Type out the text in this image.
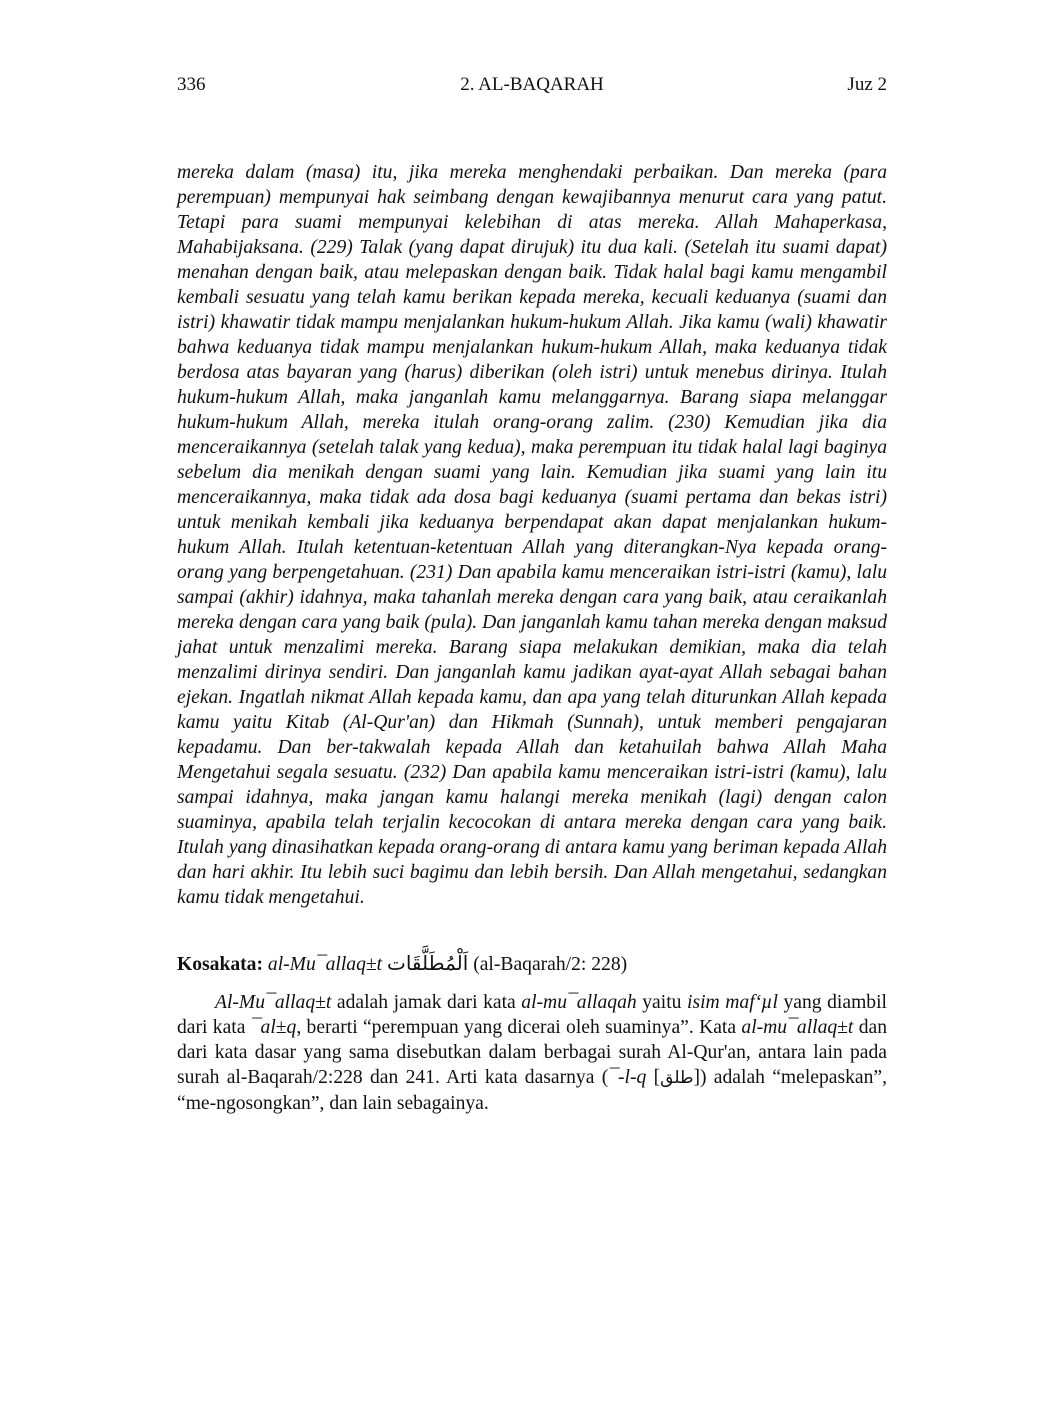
336	2. AL-BAQARAH	Juz 2

mereka dalam (masa) itu, jika mereka menghendaki perbaikan. Dan mereka (para perempuan) mempunyai hak seimbang dengan kewajibannya menurut cara yang patut. Tetapi para suami mempunyai kelebihan di atas mereka. Allah Mahaperkasa, Mahabijaksana. (229) Talak (yang dapat dirujuk) itu dua kali. (Setelah itu suami dapat) menahan dengan baik, atau melepaskan dengan baik. Tidak halal bagi kamu mengambil kembali sesuatu yang telah kamu berikan kepada mereka, kecuali keduanya (suami dan istri) khawatir tidak mampu menjalankan hukum-hukum Allah. Jika kamu (wali) khawatir bahwa keduanya tidak mampu menjalankan hukum-hukum Allah, maka keduanya tidak berdosa atas bayaran yang (harus) diberikan (oleh istri) untuk menebus dirinya. Itulah hukum-hukum Allah, maka janganlah kamu melanggarnya. Barang siapa melanggar hukum-hukum Allah, mereka itulah orang-orang zalim. (230) Kemudian jika dia menceraikannya (setelah talak yang kedua), maka perempuan itu tidak halal lagi baginya sebelum dia menikah dengan suami yang lain. Kemudian jika suami yang lain itu menceraikannya, maka tidak ada dosa bagi keduanya (suami pertama dan bekas istri) untuk menikah kembali jika keduanya berpendapat akan dapat menjalankan hukum-hukum Allah. Itulah ketentuan-ketentuan Allah yang diterangkan-Nya kepada orang-orang yang berpengetahuan. (231) Dan apabila kamu menceraikan istri-istri (kamu), lalu sampai (akhir) idahnya, maka tahanlah mereka dengan cara yang baik, atau ceraikanlah mereka dengan cara yang baik (pula). Dan janganlah kamu tahan mereka dengan maksud jahat untuk menzalimi mereka. Barang siapa melakukan demikian, maka dia telah menzalimi dirinya sendiri. Dan janganlah kamu jadikan ayat-ayat Allah sebagai bahan ejekan. Ingatlah nikmat Allah kepada kamu, dan apa yang telah diturunkan Allah kepada kamu yaitu Kitab (Al-Qur'an) dan Hikmah (Sunnah), untuk memberi pengajaran kepadamu. Dan ber-takwalah kepada Allah dan ketahuilah bahwa Allah Maha Mengetahui segala sesuatu. (232) Dan apabila kamu menceraikan istri-istri (kamu), lalu sampai idahnya, maka jangan kamu halangi mereka menikah (lagi) dengan calon suaminya, apabila telah terjalin kecocokan di antara mereka dengan cara yang baik. Itulah yang dinasihatkan kepada orang-orang di antara kamu yang beriman kepada Allah dan hari akhir. Itu lebih suci bagimu dan lebih bersih. Dan Allah mengetahui, sedangkan kamu tidak mengetahui.

Kosakata: al-Mu¯allaq±t اَلْمُطَلَّقَات (al-Baqarah/2: 228)

Al-Mu¯allaq±t adalah jamak dari kata al-mu¯allaqah yaitu isim maf‘µl yang diambil dari kata ¯al±q, berarti “perempuan yang dicerai oleh suaminya”. Kata al-mu¯allaq±t dan dari kata dasar yang sama disebutkan dalam berbagai surah Al-Qur'an, antara lain pada surah al-Baqarah/2:228 dan 241. Arti kata dasarnya (¯-l-q [طلق]) adalah “melepaskan”, “me-ngosongkan”, dan lain sebagainya.
